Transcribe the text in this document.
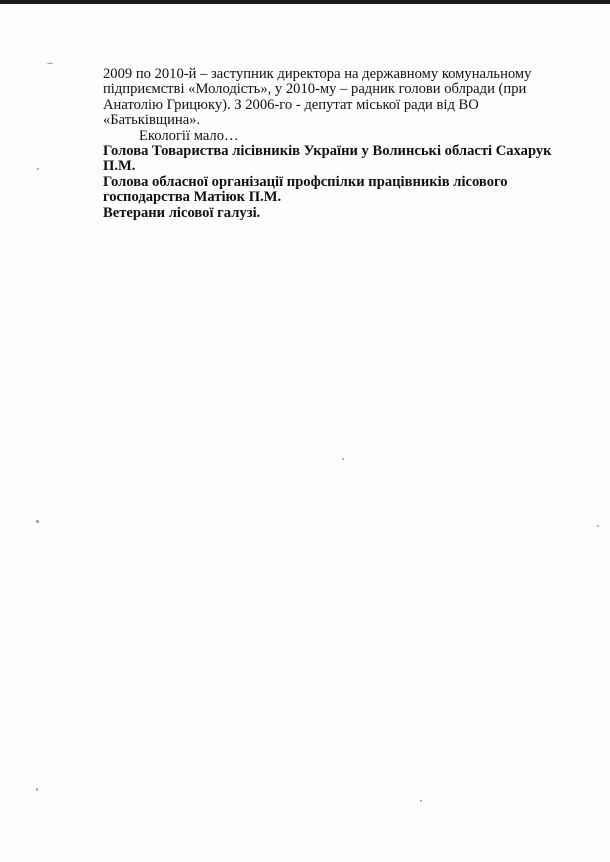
2009 по 2010-й – заступник директора на державному комунальному підприємстві «Молодість», у 2010-му – радник голови облради (при Анатолію Грицюку). З 2006-го - депутат міської ради від ВО «Батьківщина».

Екології мало…

Голова Товариства лісівників України у Волинські області Сахарук П.М.

Голова обласної організації профспілки працівників лісового господарства Матіюк П.М.

Ветерани лісової галузі.
